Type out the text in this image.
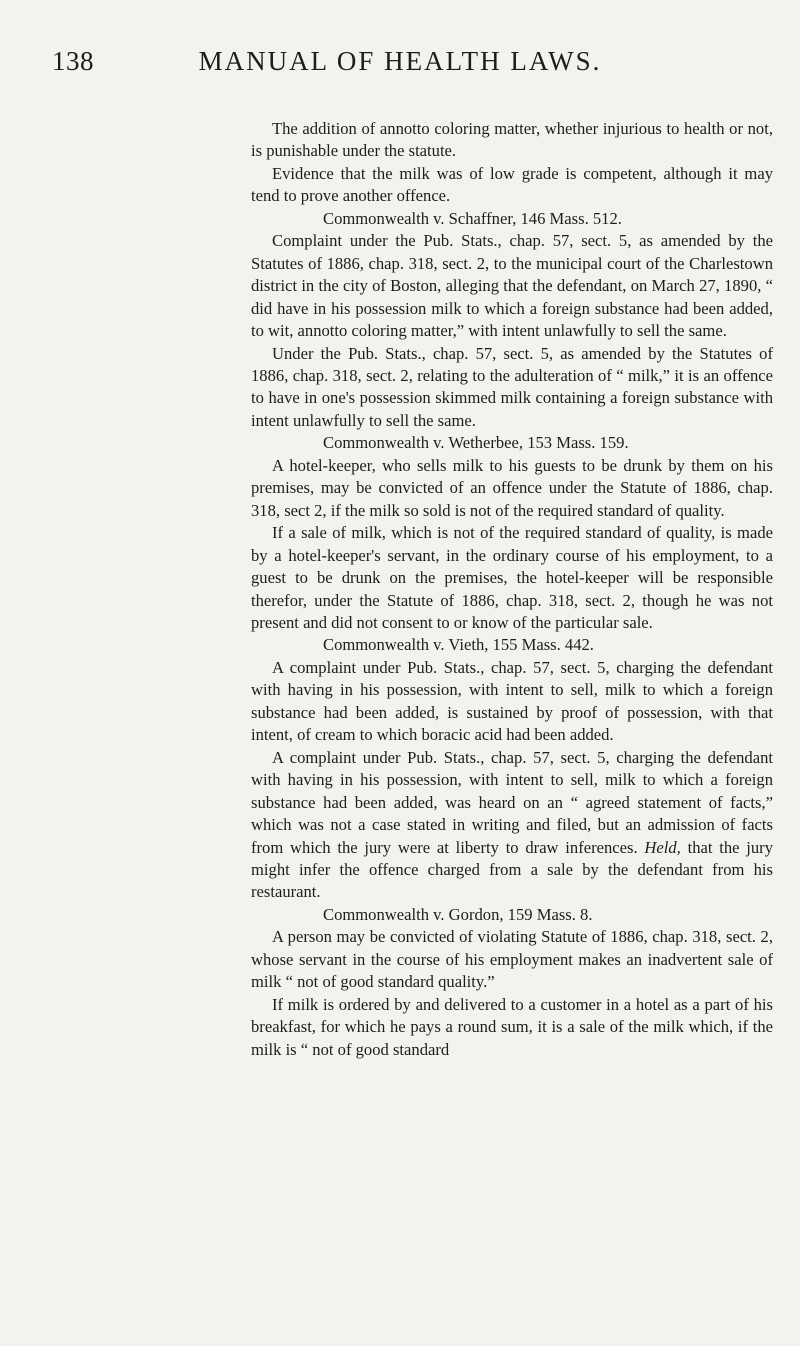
138	MANUAL OF HEALTH LAWS.

The addition of annotto coloring matter, whether injurious to health or not, is punishable under the statute.

Evidence that the milk was of low grade is competent, although it may tend to prove another offence.

Commonwealth v. Schaffner, 146 Mass. 512.

Complaint under the Pub. Stats., chap. 57, sect. 5, as amended by the Statutes of 1886, chap. 318, sect. 2, to the municipal court of the Charlestown district in the city of Boston, alleging that the defendant, on March 27, 1890, “ did have in his possession milk to which a foreign substance had been added, to wit, annotto coloring matter,” with intent unlawfully to sell the same.

Under the Pub. Stats., chap. 57, sect. 5, as amended by the Statutes of 1886, chap. 318, sect. 2, relating to the adulteration of “ milk,” it is an offence to have in one's possession skimmed milk containing a foreign substance with intent unlawfully to sell the same.

Commonwealth v. Wetherbee, 153 Mass. 159.

A hotel-keeper, who sells milk to his guests to be drunk by them on his premises, may be convicted of an offence under the Statute of 1886, chap. 318, sect 2, if the milk so sold is not of the required standard of quality.

If a sale of milk, which is not of the required standard of quality, is made by a hotel-keeper's servant, in the ordinary course of his employment, to a guest to be drunk on the premises, the hotel-keeper will be responsible therefor, under the Statute of 1886, chap. 318, sect. 2, though he was not present and did not consent to or know of the particular sale.

Commonwealth v. Vieth, 155 Mass. 442.

A complaint under Pub. Stats., chap. 57, sect. 5, charging the defendant with having in his possession, with intent to sell, milk to which a foreign substance had been added, is sustained by proof of possession, with that intent, of cream to which boracic acid had been added.

A complaint under Pub. Stats., chap. 57, sect. 5, charging the defendant with having in his possession, with intent to sell, milk to which a foreign substance had been added, was heard on an “ agreed statement of facts,” which was not a case stated in writing and filed, but an admission of facts from which the jury were at liberty to draw inferences. Held, that the jury might infer the offence charged from a sale by the defendant from his restaurant.

Commonwealth v. Gordon, 159 Mass. 8.

A person may be convicted of violating Statute of 1886, chap. 318, sect. 2, whose servant in the course of his employment makes an inadvertent sale of milk “ not of good standard quality.”

If milk is ordered by and delivered to a customer in a hotel as a part of his breakfast, for which he pays a round sum, it is a sale of the milk which, if the milk is “ not of good standard
